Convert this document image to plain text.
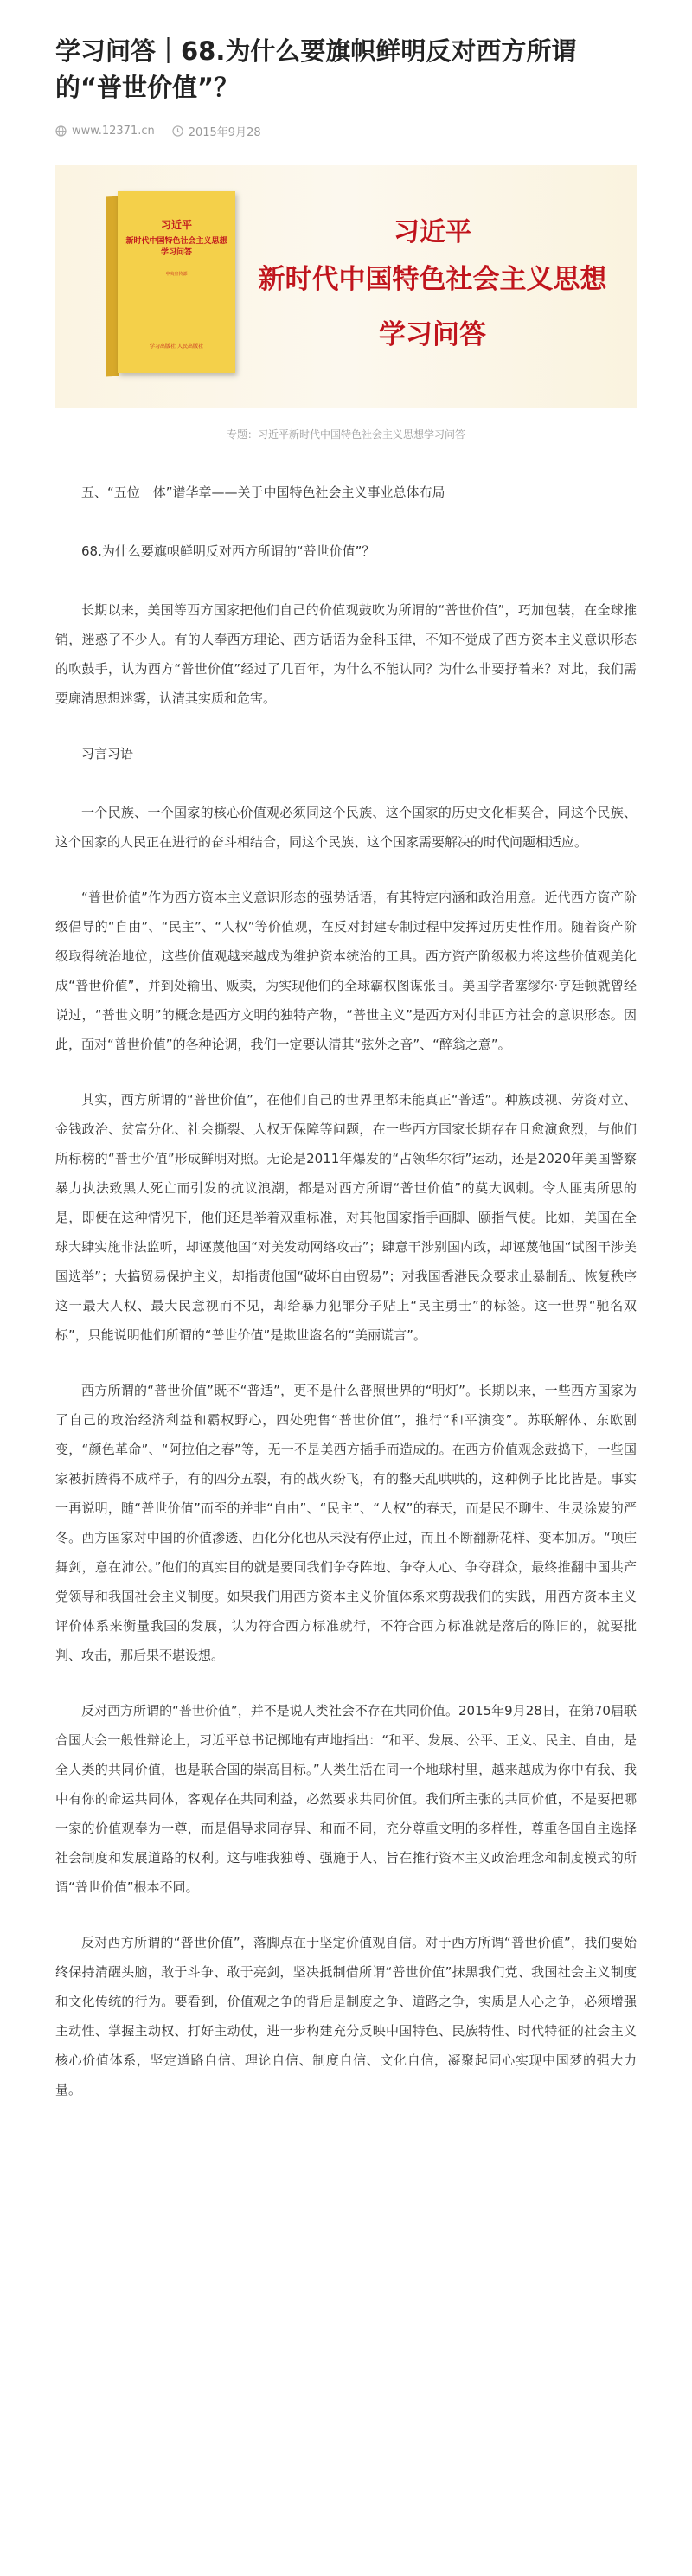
学习问答｜68.为什么要旗帜鲜明反对西方所谓的“普世价值”？
www.12371.cn	2015年9月28
习近平
新时代中国特色社会主义思想学习问答
中央宣传部
学习出版社 人民出版社
习近平
新时代中国特色社会主义思想
学习问答
专题：习近平新时代中国特色社会主义思想学习问答

五、“五位一体”谱华章——关于中国特色社会主义事业总体布局

68.为什么要旗帜鲜明反对西方所谓的“普世价值”？

长期以来，美国等西方国家把他们自己的价值观鼓吹为所谓的“普世价值”，巧加包装，在全球推销，迷惑了不少人。有的人奉西方理论、西方话语为金科玉律，不知不觉成了西方资本主义意识形态的吹鼓手，认为西方“普世价值”经过了几百年，为什么不能认同？为什么非要抒着来？对此，我们需要廓清思想迷雾，认清其实质和危害。

习言习语

一个民族、一个国家的核心价值观必须同这个民族、这个国家的历史文化相契合，同这个民族、这个国家的人民正在进行的奋斗相结合，同这个民族、这个国家需要解决的时代问题相适应。

“普世价值”作为西方资本主义意识形态的强势话语，有其特定内涵和政治用意。近代西方资产阶级倡导的“自由”、“民主”、“人权”等价值观，在反对封建专制过程中发挥过历史性作用。随着资产阶级取得统治地位，这些价值观越来越成为维护资本统治的工具。西方资产阶级极力将这些价值观美化成“普世价值”，并到处输出、贩卖，为实现他们的全球霸权图谋张目。美国学者塞缪尔·亨廷顿就曾经说过，“普世文明”的概念是西方文明的独特产物，“普世主义”是西方对付非西方社会的意识形态。因此，面对“普世价值”的各种论调，我们一定要认清其“弦外之音”、“醉翁之意”。

其实，西方所谓的“普世价值”，在他们自己的世界里都未能真正“普适”。种族歧视、劳资对立、金钱政治、贫富分化、社会撕裂、人权无保障等问题，在一些西方国家长期存在且愈演愈烈，与他们所标榜的“普世价值”形成鲜明对照。无论是2011年爆发的“占领华尔街”运动，还是2020年美国警察暴力执法致黑人死亡而引发的抗议浪潮，都是对西方所谓“普世价值”的莫大讽刺。令人匪夷所思的是，即便在这种情况下，他们还是举着双重标准，对其他国家指手画脚、颐指气使。比如，美国在全球大肆实施非法监听，却诬蔑他国“对美发动网络攻击”；肆意干涉别国内政，却诬蔑他国“试图干涉美国选举”；大搞贸易保护主义，却指责他国“破坏自由贸易”；对我国香港民众要求止暴制乱、恢复秩序这一最大人权、最大民意视而不见，却给暴力犯罪分子贴上“民主勇士”的标签。这一世界“驰名双标”，只能说明他们所谓的“普世价值”是欺世盗名的“美丽谎言”。

西方所谓的“普世价值”既不“普适”，更不是什么普照世界的“明灯”。长期以来，一些西方国家为了自己的政治经济利益和霸权野心，四处兜售“普世价值”，推行“和平演变”。苏联解体、东欧剧变，“颜色革命”、“阿拉伯之春”等，无一不是美西方插手而造成的。在西方价值观念鼓捣下，一些国家被折腾得不成样子，有的四分五裂，有的战火纷飞，有的整天乱哄哄的，这种例子比比皆是。事实一再说明，随“普世价值”而至的并非“自由”、“民主”、“人权”的春天，而是民不聊生、生灵涂炭的严冬。西方国家对中国的价值渗透、西化分化也从未没有停止过，而且不断翻新花样、变本加厉。“项庄舞剑，意在沛公。”他们的真实目的就是要同我们争夺阵地、争夺人心、争夺群众，最终推翻中国共产党领导和我国社会主义制度。如果我们用西方资本主义价值体系来剪裁我们的实践，用西方资本主义评价体系来衡量我国的发展，认为符合西方标准就行，不符合西方标准就是落后的陈旧的，就要批判、攻击，那后果不堪设想。

反对西方所谓的“普世价值”，并不是说人类社会不存在共同价值。2015年9月28日，在第70届联合国大会一般性辩论上，习近平总书记掷地有声地指出：“和平、发展、公平、正义、民主、自由，是全人类的共同价值，也是联合国的崇高目标。”人类生活在同一个地球村里，越来越成为你中有我、我中有你的命运共同体，客观存在共同利益，必然要求共同价值。我们所主张的共同价值，不是要把哪一家的价值观奉为一尊，而是倡导求同存异、和而不同，充分尊重文明的多样性，尊重各国自主选择社会制度和发展道路的权利。这与唯我独尊、强施于人、旨在推行资本主义政治理念和制度模式的所谓“普世价值”根本不同。

反对西方所谓的“普世价值”，落脚点在于坚定价值观自信。对于西方所谓“普世价值”，我们要始终保持清醒头脑，敢于斗争、敢于亮剑，坚决抵制借所谓“普世价值”抹黑我们党、我国社会主义制度和文化传统的行为。要看到，价值观之争的背后是制度之争、道路之争，实质是人心之争，必须增强主动性、掌握主动权、打好主动仗，进一步构建充分反映中国特色、民族特性、时代特征的社会主义核心价值体系，坚定道路自信、理论自信、制度自信、文化自信，凝聚起同心实现中国梦的强大力量。
